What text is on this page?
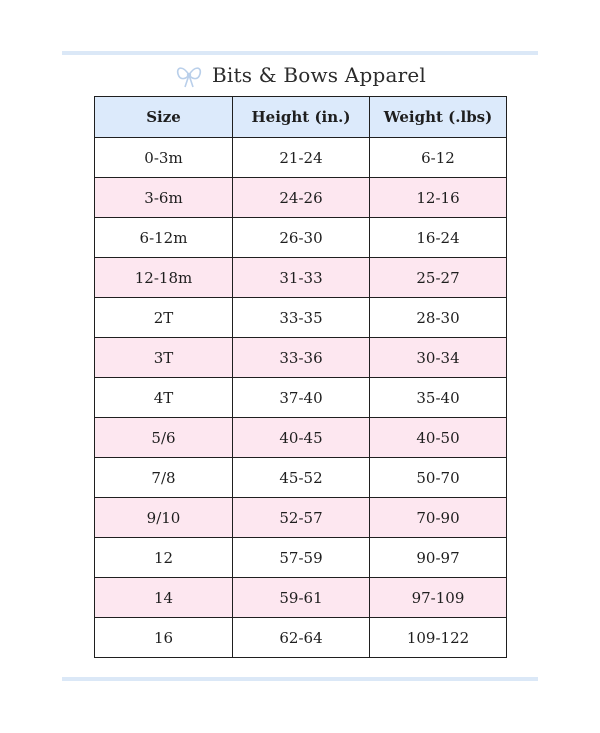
Bits & Bows Apparel
Size	Height (in.)	Weight (.lbs)
0-3m	21-24	6-12
3-6m	24-26	12-16
6-12m	26-30	16-24
12-18m	31-33	25-27
2T	33-35	28-30
3T	33-36	30-34
4T	37-40	35-40
5/6	40-45	40-50
7/8	45-52	50-70
9/10	52-57	70-90
12	57-59	90-97
14	59-61	97-109
16	62-64	109-122
